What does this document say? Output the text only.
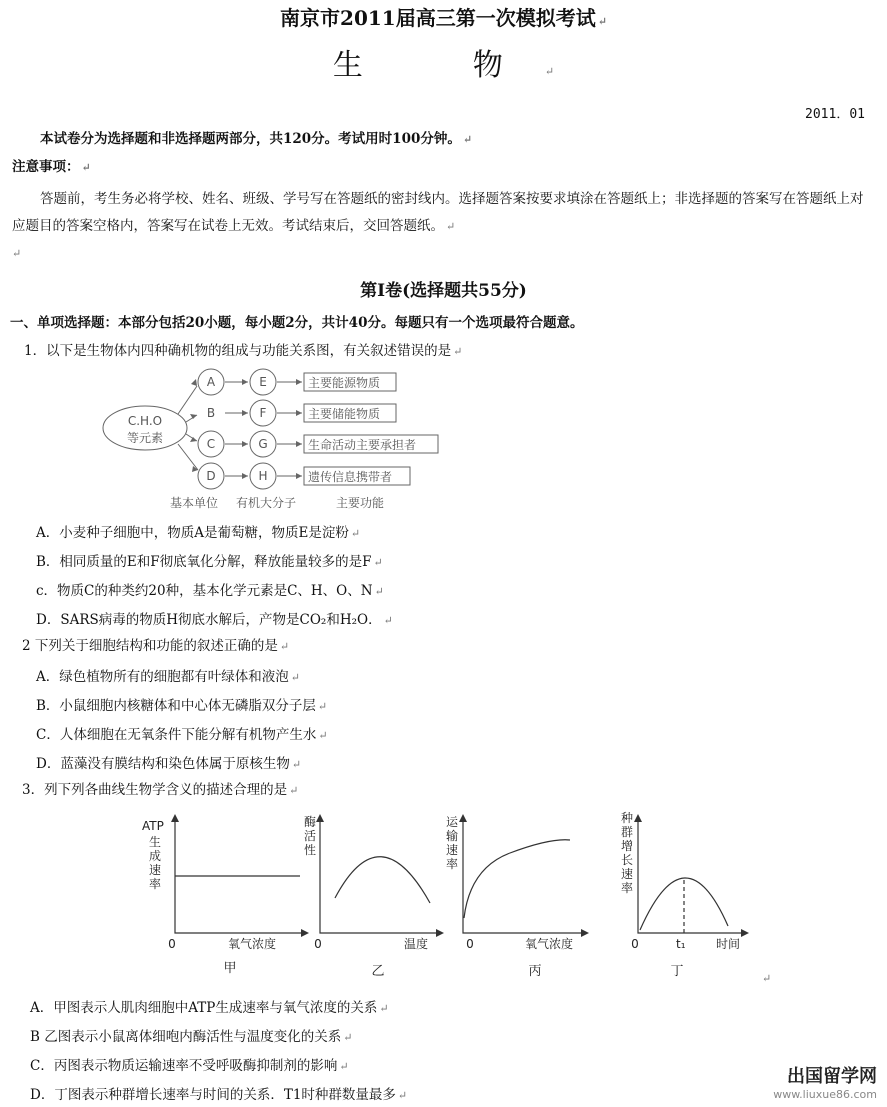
南京市2011届高三第一次模拟考试 ↵
生　物 ↵
2011．01
本试卷分为选择题和非选择题两部分，共120分。考试用时100分钟。 ↵
注意事项： ↵
答题前，考生务必将学校、姓名、班级、学号写在答题纸的密封线内。选择题答案按要求填涂在答题纸上；非选择题的答案写在答题纸上对应题目的答案空格内，答案写在试卷上无效。考试结束后，交回答题纸。 ↵
↵
第Ⅰ卷(选择题共55分)
一、单项选择题：本部分包括20小题，每小题2分，共计40分。每题只有一个选项最符合题意。
1．以下是生物体内四种确机物的组成与功能关系图，有关叙述错误的是 ↵
C.H.O
等元素
A
B
C
D
E
F
G
H
主要能源物质
主要储能物质
生命活动主要承担者
遗传信息携带者
基本单位 有机大分子	主要功能
A．小麦种子细胞中，物质A是葡萄糖，物质E是淀粉 ↵
B．相同质量的E和F彻底氧化分解，释放能量较多的是F ↵
c．物质C的种类约20种，基本化学元素是C、H、O、N ↵
D．SARS病毒的物质H彻底水解后，产物是CO₂和H₂O． ↵
2 下列关于细胞结构和功能的叙述正确的是 ↵
A．绿色植物所有的细胞都有叶绿体和液泡 ↵
B．小鼠细胞内核糖体和中心体无磷脂双分子层 ↵
C．人体细胞在无氧条件下能分解有机物产生水 ↵
D．蓝藻没有膜结构和染色体属于原核生物 ↵
3．列下列各曲线生物学含义的描述合理的是 ↵
ATP
0	氧气浓度	0	温度	0	氧气浓度	0	t₁	时间
甲	乙	丙	丁
生成速率
酶活性
运输速率
种群增长速率
↵
A．甲图表示人肌肉细胞中ATP生成速率与氧气浓度的关系 ↵
B 乙图表示小鼠离体细咆内酶活性与温度变化的关系 ↵
C．丙图表示物质运输速率不受呼吸酶抑制剂的影响 ↵
D．丁图表示种群增长速率与时间的关系．T1时种群数量最多 ↵
出国留学网
www.liuxue86.com
